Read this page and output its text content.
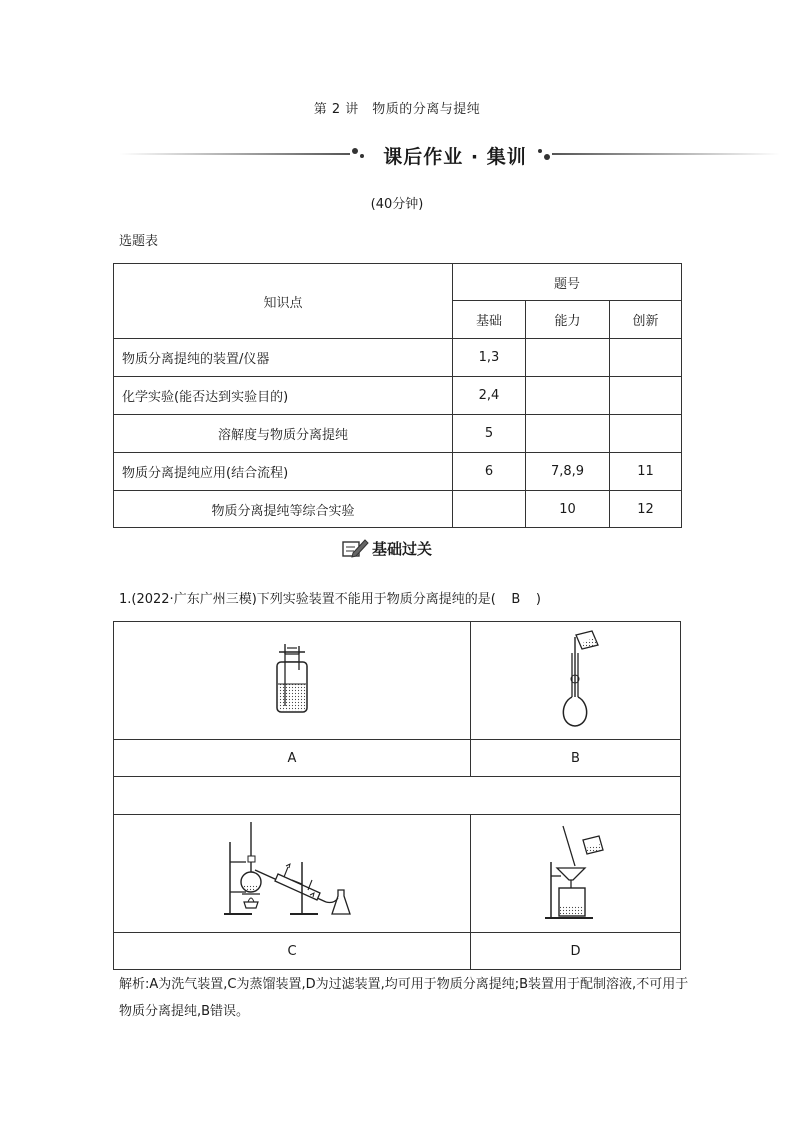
第 2 讲　物质的分离与提纯
课后作业 · 集训
(40分钟)
选题表
知识点	题号		
	基础	能力	创新
物质分离提纯的装置/仪器	1,3		
化学实验(能否达到实验目的)	2,4		
溶解度与物质分离提纯	5		
物质分离提纯应用(结合流程)	6	7,8,9	11
物质分离提纯等综合实验		10	12
基础过关
1.(2022·广东广州三模)下列实验装置不能用于物质分离提纯的是( B )

A	B

C	D
解析:A为洗气装置,C为蒸馏装置,D为过滤装置,均可用于物质分离提纯;B装置用于配制溶液,不可用于物质分离提纯,B错误。
